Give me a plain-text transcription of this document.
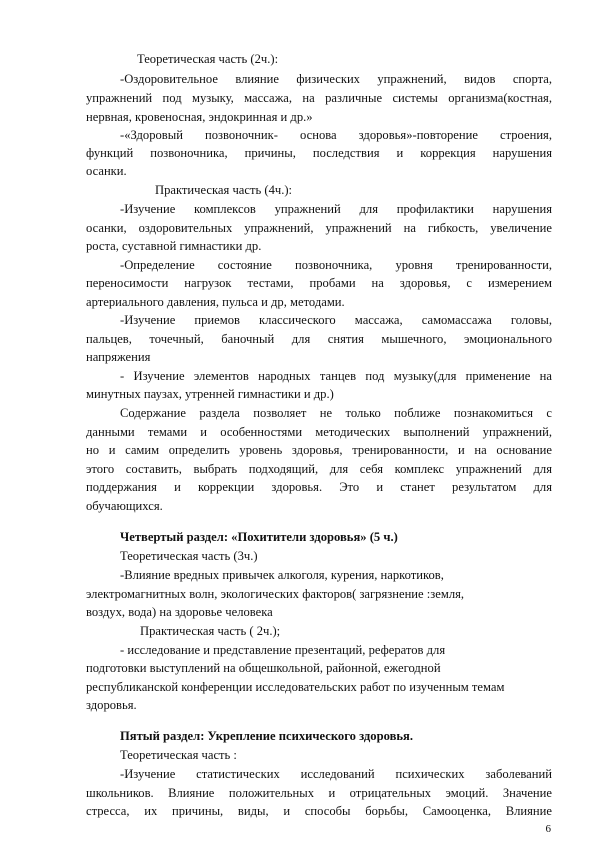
Теоретическая часть (2ч.):

-Оздоровительное влияние физических упражнений, видов спорта,

упражнений под музыку, массажа, на различные системы организма(костная,

нервная, кровеносная, эндокринная и др.»

-«Здоровый позвоночник- основа здоровья»-повторение строения,

функций позвоночника, причины, последствия и коррекция нарушения

осанки.

Практическая часть (4ч.):

-Изучение комплексов упражнений для профилактики нарушения

осанки, оздоровительных упражнений, упражнений на гибкость, увеличение

роста, суставной гимнастики др.

-Определение состояние позвоночника, уровня тренированности,

переносимости нагрузок тестами, пробами на здоровья, с измерением

артериального давления, пульса и др, методами.

-Изучение приемов классического массажа, самомассажа головы,

пальцев, точечный, баночный для снятия мышечного, эмоционального

напряжения

- Изучение элементов народных танцев под музыку(для применение на

минутных паузах, утренней гимнастики и др.)

Содержание раздела позволяет не только поближе познакомиться с

данными темами и особенностями методических выполнений упражнений,

но и самим определить уровень здоровья, тренированности, и на основание

этого составить, выбрать подходящий, для себя комплекс упражнений для

поддержания и коррекции здоровья. Это и станет результатом для

обучающихся.

Четвертый раздел: «Похитители здоровья» (5 ч.)

Теоретическая часть (3ч.)

-Влияние вредных привычек алкоголя, курения, наркотиков,

электромагнитных волн, экологических факторов( загрязнение :земля,

воздух, вода) на здоровье человека

Практическая часть ( 2ч.);

- исследование и представление презентаций, рефератов для

подготовки выступлений на общешкольной, районной, ежегодной

республиканской конференции исследовательских работ по изученным темам

здоровья.

Пятый раздел: Укрепление психического здоровья.

Теоретическая часть :

-Изучение статистических исследований психических заболеваний

школьников. Влияние положительных и отрицательных эмоций. Значение

стресса, их причины, виды, и способы борьбы, Самооценка, Влияние

6
